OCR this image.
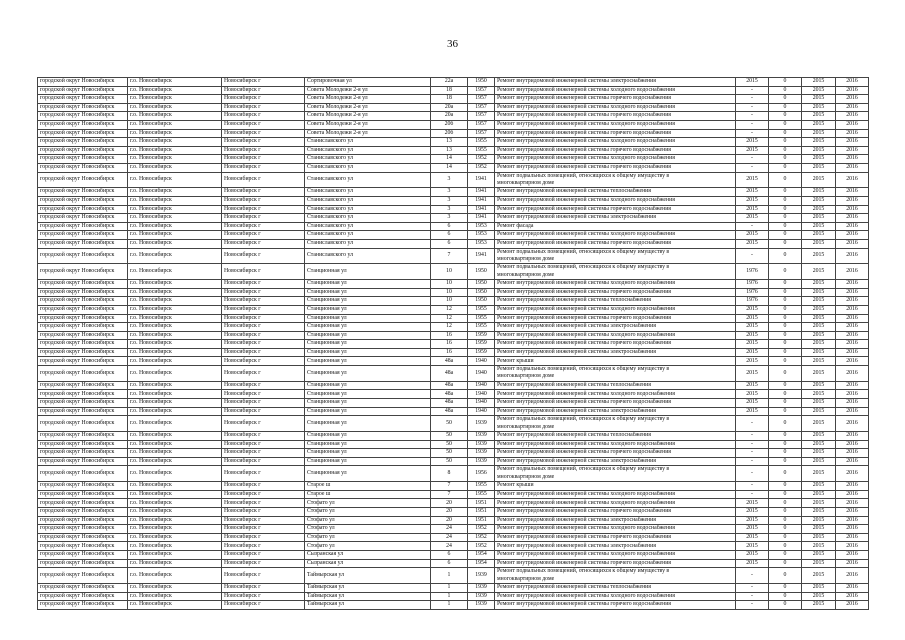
36
городской округ Новосибирск	г.о. Новосибирск	Новосибирск г	Сортировочная ул	22а	1950	Ремонт внутридомовой инженерной системы электроснабжения	2015	0	2015	2016
городской округ Новосибирск	г.о. Новосибирск	Новосибирск г	Совета Молодежи 2-я ул	18	1957	Ремонт внутридомовой инженерной системы холодного водоснабжения	-	0	2015	2016
городской округ Новосибирск	г.о. Новосибирск	Новосибирск г	Совета Молодежи 2-я ул	18	1957	Ремонт внутридомовой инженерной системы горячего водоснабжения	-	0	2015	2016
городской округ Новосибирск	г.о. Новосибирск	Новосибирск г	Совета Молодежи 2-я ул	20а	1957	Ремонт внутридомовой инженерной системы холодного водоснабжения	-	0	2015	2016
городской округ Новосибирск	г.о. Новосибирск	Новосибирск г	Совета Молодежи 2-я ул	20а	1957	Ремонт внутридомовой инженерной системы горячего водоснабжения	-	0	2015	2016
городской округ Новосибирск	г.о. Новосибирск	Новосибирск г	Совета Молодежи 2-я ул	20б	1957	Ремонт внутридомовой инженерной системы холодного водоснабжения	-	0	2015	2016
городской округ Новосибирск	г.о. Новосибирск	Новосибирск г	Совета Молодежи 2-я ул	20б	1957	Ремонт внутридомовой инженерной системы горячего водоснабжения	-	0	2015	2016
городской округ Новосибирск	г.о. Новосибирск	Новосибирск г	Станиславского ул	13	1955	Ремонт внутридомовой инженерной системы холодного водоснабжения	2015	0	2015	2016
городской округ Новосибирск	г.о. Новосибирск	Новосибирск г	Станиславского ул	13	1955	Ремонт внутридомовой инженерной системы горячего водоснабжения	2015	0	2015	2016
городской округ Новосибирск	г.о. Новосибирск	Новосибирск г	Станиславского ул	14	1952	Ремонт внутридомовой инженерной системы холодного водоснабжения	-	0	2015	2016
городской округ Новосибирск	г.о. Новосибирск	Новосибирск г	Станиславского ул	14	1952	Ремонт внутридомовой инженерной системы горячего водоснабжения	-	0	2015	2016
городской округ Новосибирск	г.о. Новосибирск	Новосибирск г	Станиславского ул	3	1941	Ремонт подвальных помещений, относящихся к общему имуществу в многоквартирном доме	2015	0	2015	2016
городской округ Новосибирск	г.о. Новосибирск	Новосибирск г	Станиславского ул	3	1941	Ремонт внутридомовой инженерной системы теплоснабжения	2015	0	2015	2016
городской округ Новосибирск	г.о. Новосибирск	Новосибирск г	Станиславского ул	3	1941	Ремонт внутридомовой инженерной системы холодного водоснабжения	2015	0	2015	2016
городской округ Новосибирск	г.о. Новосибирск	Новосибирск г	Станиславского ул	3	1941	Ремонт внутридомовой инженерной системы горячего водоснабжения	2015	0	2015	2016
городской округ Новосибирск	г.о. Новосибирск	Новосибирск г	Станиславского ул	3	1941	Ремонт внутридомовой инженерной системы электроснабжения	2015	0	2015	2016
городской округ Новосибирск	г.о. Новосибирск	Новосибирск г	Станиславского ул	6	1953	Ремонт фасада	-	0	2015	2016
городской округ Новосибирск	г.о. Новосибирск	Новосибирск г	Станиславского ул	6	1953	Ремонт внутридомовой инженерной системы холодного водоснабжения	2015	0	2015	2016
городской округ Новосибирск	г.о. Новосибирск	Новосибирск г	Станиславского ул	6	1953	Ремонт внутридомовой инженерной системы горячего водоснабжения	2015	0	2015	2016
городской округ Новосибирск	г.о. Новосибирск	Новосибирск г	Станиславского ул	7	1941	Ремонт подвальных помещений, относящихся к общему имуществу в многоквартирном доме	-	0	2015	2016
городской округ Новосибирск	г.о. Новосибирск	Новосибирск г	Станционная ул	10	1950	Ремонт подвальных помещений, относящихся к общему имуществу в многоквартирном доме	1976	0	2015	2016
городской округ Новосибирск	г.о. Новосибирск	Новосибирск г	Станционная ул	10	1950	Ремонт внутридомовой инженерной системы холодного водоснабжения	1976	0	2015	2016
городской округ Новосибирск	г.о. Новосибирск	Новосибирск г	Станционная ул	10	1950	Ремонт внутридомовой инженерной системы горячего водоснабжения	1976	0	2015	2016
городской округ Новосибирск	г.о. Новосибирск	Новосибирск г	Станционная ул	10	1950	Ремонт внутридомовой инженерной системы теплоснабжения	1976	0	2015	2016
городской округ Новосибирск	г.о. Новосибирск	Новосибирск г	Станционная ул	12	1955	Ремонт внутридомовой инженерной системы холодного водоснабжения	2015	0	2015	2016
городской округ Новосибирск	г.о. Новосибирск	Новосибирск г	Станционная ул	12	1955	Ремонт внутридомовой инженерной системы горячего водоснабжения	2015	0	2015	2016
городской округ Новосибирск	г.о. Новосибирск	Новосибирск г	Станционная ул	12	1955	Ремонт внутридомовой инженерной системы электроснабжения	2015	0	2015	2016
городской округ Новосибирск	г.о. Новосибирск	Новосибирск г	Станционная ул	16	1959	Ремонт внутридомовой инженерной системы холодного водоснабжения	2015	0	2015	2016
городской округ Новосибирск	г.о. Новосибирск	Новосибирск г	Станционная ул	16	1959	Ремонт внутридомовой инженерной системы горячего водоснабжения	2015	0	2015	2016
городской округ Новосибирск	г.о. Новосибирск	Новосибирск г	Станционная ул	16	1959	Ремонт внутридомовой инженерной системы электроснабжения	2015	0	2015	2016
городской округ Новосибирск	г.о. Новосибирск	Новосибирск г	Станционная ул	48а	1940	Ремонт крыши	2015	0	2015	2016
городской округ Новосибирск	г.о. Новосибирск	Новосибирск г	Станционная ул	48а	1940	Ремонт подвальных помещений, относящихся к общему имуществу в многоквартирном доме	2015	0	2015	2016
городской округ Новосибирск	г.о. Новосибирск	Новосибирск г	Станционная ул	48а	1940	Ремонт внутридомовой инженерной системы теплоснабжения	2015	0	2015	2016
городской округ Новосибирск	г.о. Новосибирск	Новосибирск г	Станционная ул	48а	1940	Ремонт внутридомовой инженерной системы холодного водоснабжения	2015	0	2015	2016
городской округ Новосибирск	г.о. Новосибирск	Новосибирск г	Станционная ул	48а	1940	Ремонт внутридомовой инженерной системы горячего водоснабжения	2015	0	2015	2016
городской округ Новосибирск	г.о. Новосибирск	Новосибирск г	Станционная ул	48а	1940	Ремонт внутридомовой инженерной системы электроснабжения	2015	0	2015	2016
городской округ Новосибирск	г.о. Новосибирск	Новосибирск г	Станционная ул	50	1939	Ремонт подвальных помещений, относящихся к общему имуществу в многоквартирном доме	-	0	2015	2016
городской округ Новосибирск	г.о. Новосибирск	Новосибирск г	Станционная ул	50	1939	Ремонт внутридомовой инженерной системы теплоснабжения	-	0	2015	2016
городской округ Новосибирск	г.о. Новосибирск	Новосибирск г	Станционная ул	50	1939	Ремонт внутридомовой инженерной системы холодного водоснабжения	-	0	2015	2016
городской округ Новосибирск	г.о. Новосибирск	Новосибирск г	Станционная ул	50	1939	Ремонт внутридомовой инженерной системы горячего водоснабжения	-	0	2015	2016
городской округ Новосибирск	г.о. Новосибирск	Новосибирск г	Станционная ул	50	1939	Ремонт внутридомовой инженерной системы электроснабжения	-	0	2015	2016
городской округ Новосибирск	г.о. Новосибирск	Новосибирск г	Станционная ул	8	1956	Ремонт подвальных помещений, относящихся к общему имуществу в многоквартирном доме	-	0	2015	2016
городской округ Новосибирск	г.о. Новосибирск	Новосибирск г	Старое ш	7	1955	Ремонт крыши	-	0	2015	2016
городской округ Новосибирск	г.о. Новосибирск	Новосибирск г	Старое ш	7	1955	Ремонт внутридомовой инженерной системы холодного водоснабжения	-	0	2015	2016
городской округ Новосибирск	г.о. Новосибирск	Новосибирск г	Стофато ул	20	1951	Ремонт внутридомовой инженерной системы холодного водоснабжения	2015	0	2015	2016
городской округ Новосибирск	г.о. Новосибирск	Новосибирск г	Стофато ул	20	1951	Ремонт внутридомовой инженерной системы горячего водоснабжения	2015	0	2015	2016
городской округ Новосибирск	г.о. Новосибирск	Новосибирск г	Стофато ул	20	1951	Ремонт внутридомовой инженерной системы электроснабжения	2015	0	2015	2016
городской округ Новосибирск	г.о. Новосибирск	Новосибирск г	Стофато ул	24	1952	Ремонт внутридомовой инженерной системы холодного водоснабжения	2015	0	2015	2016
городской округ Новосибирск	г.о. Новосибирск	Новосибирск г	Стофато ул	24	1952	Ремонт внутридомовой инженерной системы горячего водоснабжения	2015	0	2015	2016
городской округ Новосибирск	г.о. Новосибирск	Новосибирск г	Стофато ул	24	1952	Ремонт внутридомовой инженерной системы электроснабжения	2015	0	2015	2016
городской округ Новосибирск	г.о. Новосибирск	Новосибирск г	Сызранская ул	6	1954	Ремонт внутридомовой инженерной системы холодного водоснабжения	2015	0	2015	2016
городской округ Новосибирск	г.о. Новосибирск	Новосибирск г	Сызранская ул	6	1954	Ремонт внутридомовой инженерной системы горячего водоснабжения	2015	0	2015	2016
городской округ Новосибирск	г.о. Новосибирск	Новосибирск г	Таймырская ул	1	1939	Ремонт подвальных помещений, относящихся к общему имуществу в многоквартирном доме	-	0	2015	2016
городской округ Новосибирск	г.о. Новосибирск	Новосибирск г	Таймырская ул	1	1939	Ремонт внутридомовой инженерной системы теплоснабжения	-	0	2015	2016
городской округ Новосибирск	г.о. Новосибирск	Новосибирск г	Таймырская ул	1	1939	Ремонт внутридомовой инженерной системы холодного водоснабжения	-	0	2015	2016
городской округ Новосибирск	г.о. Новосибирск	Новосибирск г	Таймырская ул	1	1939	Ремонт внутридомовой инженерной системы горячего водоснабжения	-	0	2015	2016
